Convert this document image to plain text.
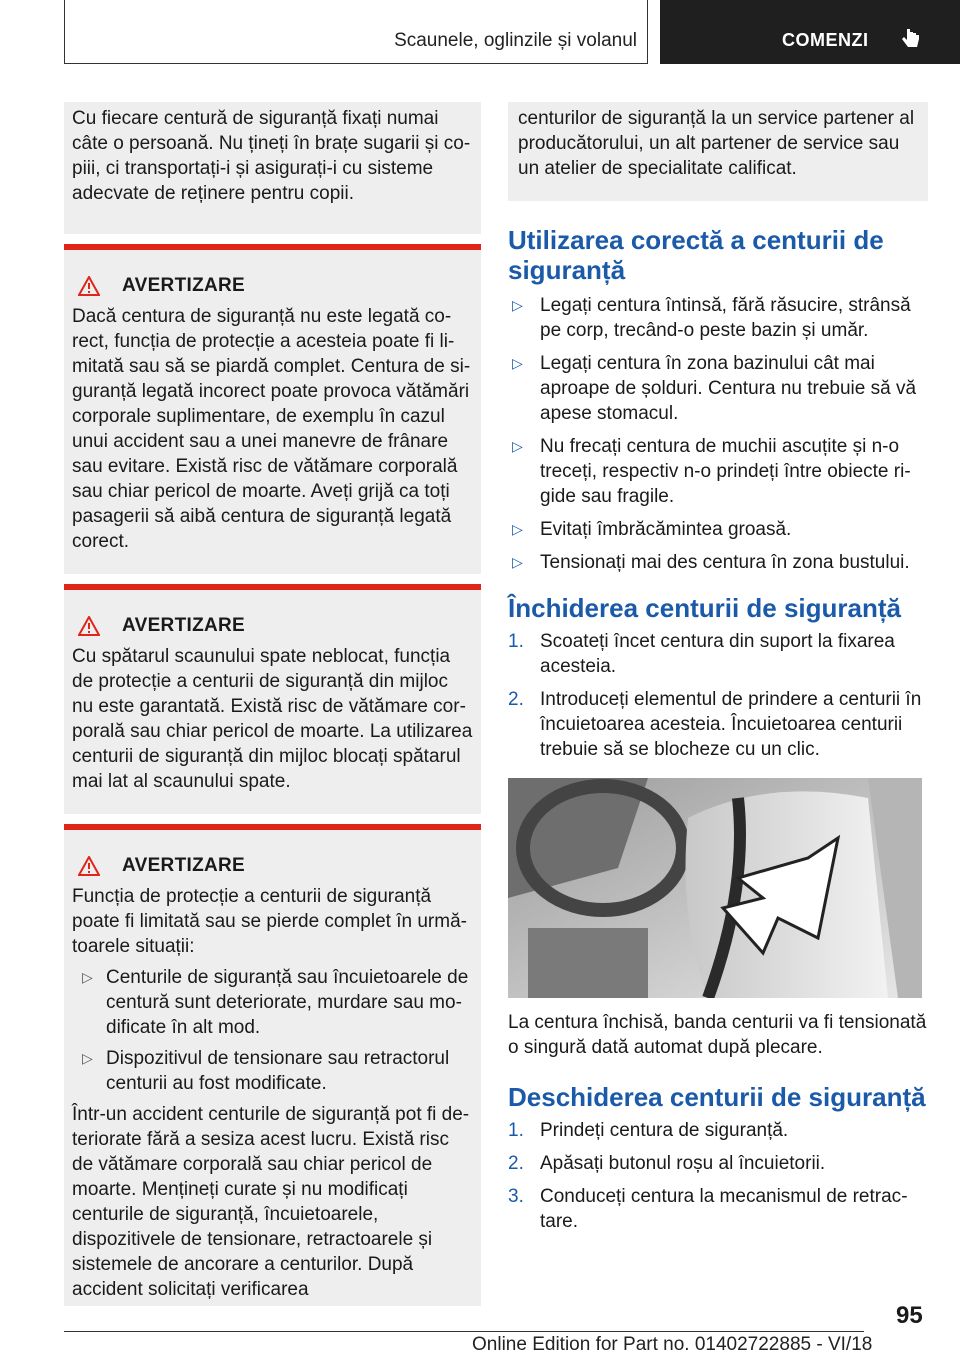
Scaunele, oglinzile și volanul	COMENZI

Cu fiecare centură de siguranță fixați numai câte o persoană. Nu țineți în brațe sugarii și copiii, ci transportați-i și asigurați-i cu sisteme adecvate de reținere pentru copii.

AVERTIZARE

Dacă centura de siguranță nu este legată corect, funcția de protecție a acesteia poate fi limitată sau să se piardă complet. Centura de siguranță legată incorect poate provoca vătămări corporale suplimentare, de exemplu în cazul unui accident sau a unei manevre de frânare sau evitare. Există risc de vătămare corporală sau chiar pericol de moarte. Aveți grijă ca toți pasagerii să aibă centura de siguranță legată corect.

AVERTIZARE

Cu spătarul scaunului spate neblocat, funcția de protecție a centurii de siguranță din mijloc nu este garantată. Există risc de vătămare corporală sau chiar pericol de moarte. La utilizarea centurii de siguranță din mijloc blocați spătarul mai lat al scaunului spate.

AVERTIZARE

Funcția de protecție a centurii de siguranță poate fi limitată sau se pierde complet în următoarele situații:

▷ Centurile de siguranță sau încuietoarele de centură sunt deteriorate, murdare sau modificate în alt mod.
▷ Dispozitivul de tensionare sau retractorul centurii au fost modificate.

Într-un accident centurile de siguranță pot fi deteriorate fără a sesiza acest lucru. Există risc de vătămare corporală sau chiar pericol de moarte. Mențineți curate și nu modificați centurile de siguranță, încuietoarele, dispozitivele de tensionare, retractoarele și sistemele de ancorare a centurilor. După accident solicitați verificarea

centurilor de siguranță la un service partener al producătorului, un alt partener de service sau un atelier de specialitate calificat.

Utilizarea corectă a centurii de siguranță
▷ Legați centura întinsă, fără răsucire, strânsă pe corp, trecând-o peste bazin și umăr.
▷ Legați centura în zona bazinului cât mai aproape de șolduri. Centura nu trebuie să vă apese stomacul.
▷ Nu frecați centura de muchii ascuțite și n-o treceți, respectiv n-o prindeți între obiecte rigide sau fragile.
▷ Evitați îmbrăcămintea groasă.
▷ Tensionați mai des centura în zona bustului.
Închiderea centurii de siguranță
1. Scoateți încet centura din suport la fixarea acesteia.
2. Introduceți elementul de prindere a centurii în încuietoarea acesteia. Încuietoarea centurii trebuie să se blocheze cu un clic.

La centura închisă, banda centurii va fi tensionată o singură dată automat după plecare.

Deschiderea centurii de siguranță
1. Prindeți centura de siguranță.
2. Apăsați butonul roșu al încuietorii.
3. Conduceți centura la mecanismul de retractare.
95
Online Edition for Part no. 01402722885 - VI/18
